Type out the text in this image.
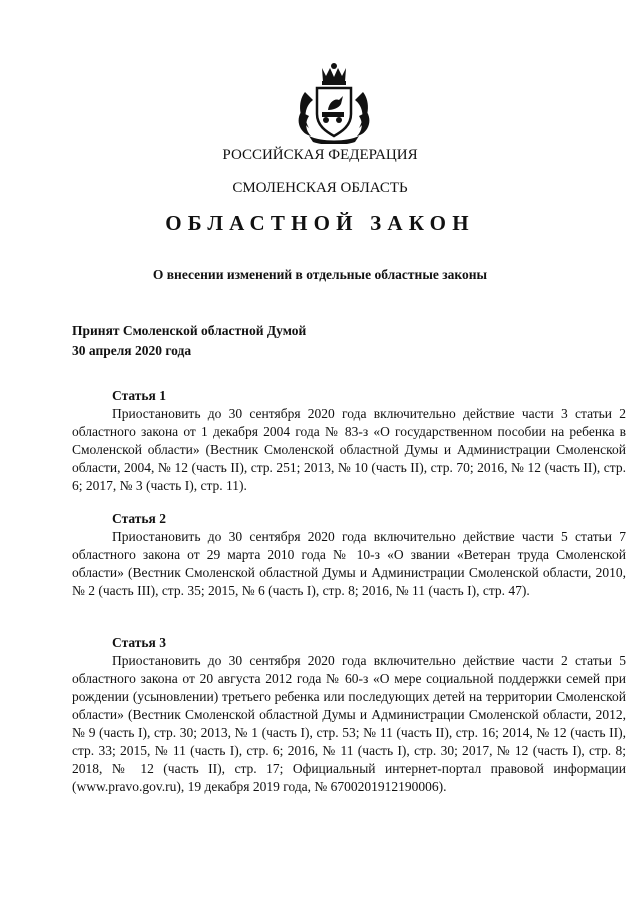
РОССИЙСКАЯ ФЕДЕРАЦИЯ
СМОЛЕНСКАЯ ОБЛАСТЬ
ОБЛАСТНОЙ ЗАКОН
О внесении изменений в отдельные областные законы
Принят Смоленской областной Думой
30 апреля 2020 года
Статья 1
Приостановить до 30 сентября 2020 года включительно действие части 3 статьи 2 областного закона от 1 декабря 2004 года № 83-з «О государственном пособии на ребенка в Смоленской области» (Вестник Смоленской областной Думы и Администрации Смоленской области, 2004, № 12 (часть II), стр. 251; 2013, № 10 (часть II), стр. 70; 2016, № 12 (часть II), стр. 6; 2017, № 3 (часть I), стр. 11).
Статья 2
Приостановить до 30 сентября 2020 года включительно действие части 5 статьи 7 областного закона от 29 марта 2010 года № 10-з «О звании «Ветеран труда Смоленской области» (Вестник Смоленской областной Думы и Администрации Смоленской области, 2010, № 2 (часть III), стр. 35; 2015, № 6 (часть I), стр. 8; 2016, № 11 (часть I), стр. 47).
Статья 3
Приостановить до 30 сентября 2020 года включительно действие части 2 статьи 5 областного закона от 20 августа 2012 года № 60-з «О мере социальной поддержки семей при рождении (усыновлении) третьего ребенка или последующих детей на территории Смоленской области» (Вестник Смоленской областной Думы и Администрации Смоленской области, 2012, № 9 (часть I), стр. 30; 2013, № 1 (часть I), стр. 53; № 11 (часть II), стр. 16; 2014, № 12 (часть II), стр. 33; 2015, № 11 (часть I), стр. 6; 2016, № 11 (часть I), стр. 30; 2017, № 12 (часть I), стр. 8; 2018, № 12 (часть II), стр. 17; Официальный интернет-портал правовой информации (www.pravo.gov.ru), 19 декабря 2019 года, № 6700201912190006).
